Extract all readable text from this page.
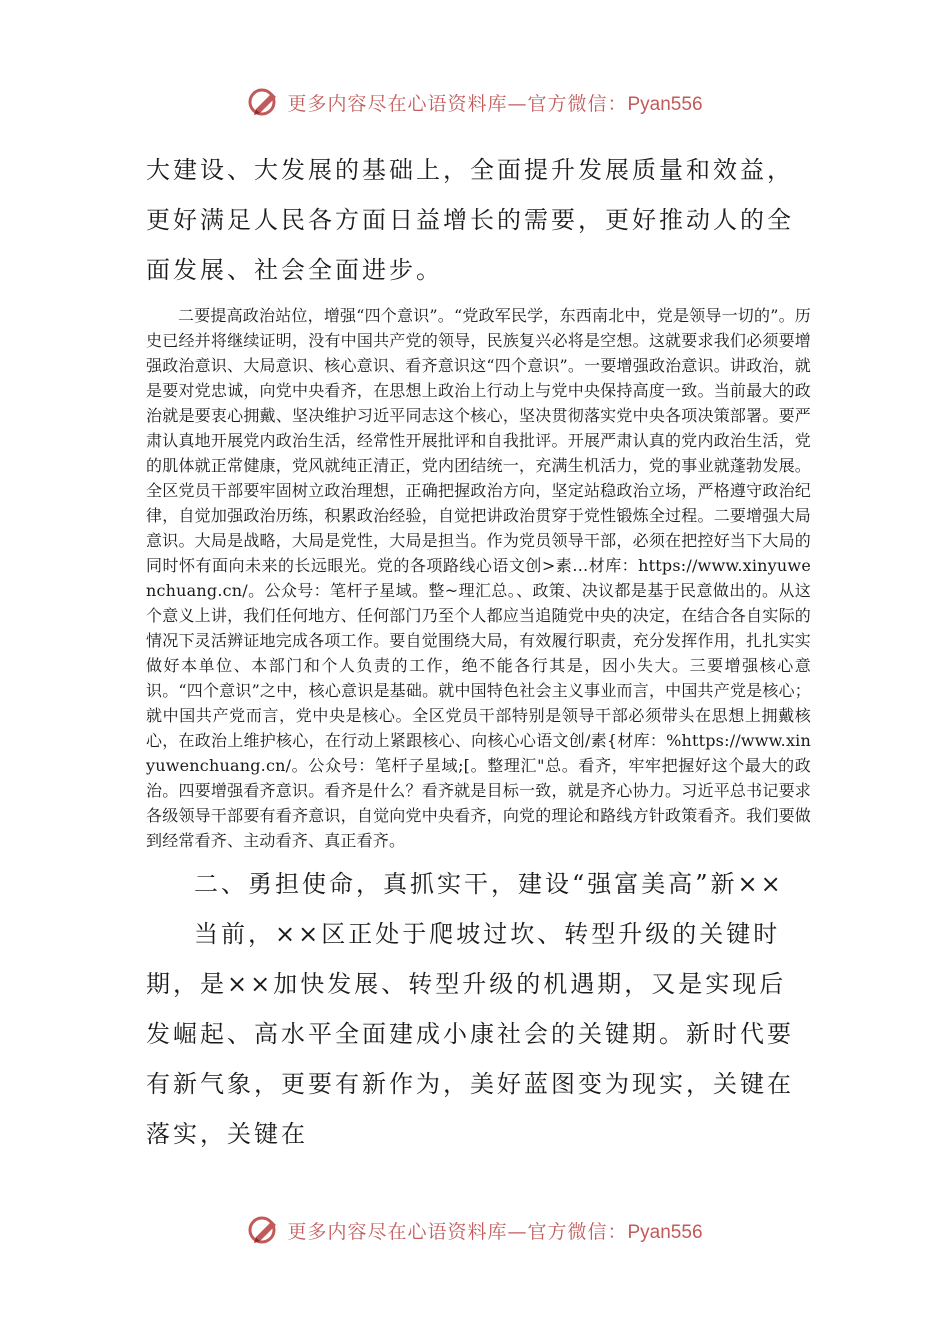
更多内容尽在心语资料库—官方微信：Pyan556

大建设、大发展的基础上，全面提升发展质量和效益，更好满足人民各方面日益增长的需要，更好推动人的全面发展、社会全面进步。

二要提高政治站位，增强“四个意识”。“党政军民学，东西南北中，党是领导一切的”。历史已经并将继续证明，没有中国共产党的领导，民族复兴必将是空想。这就要求我们必须要增强政治意识、大局意识、核心意识、看齐意识这“四个意识”。一要增强政治意识。讲政治，就是要对党忠诚，向党中央看齐，在思想上政治上行动上与党中央保持高度一致。当前最大的政治就是要衷心拥戴、坚决维护习近平同志这个核心，坚决贯彻落实党中央各项决策部署。要严肃认真地开展党内政治生活，经常性开展批评和自我批评。开展严肃认真的党内政治生活，党的肌体就正常健康，党风就纯正清正，党内团结统一，充满生机活力，党的事业就蓬勃发展。全区党员干部要牢固树立政治理想，正确把握政治方向，坚定站稳政治立场，严格遵守政治纪律，自觉加强政治历练，积累政治经验，自觉把讲政治贯穿于党性锻炼全过程。二要增强大局意识。大局是战略，大局是党性，大局是担当。作为党员领导干部，必须在把控好当下大局的同时怀有面向未来的长远眼光。党的各项路线心语文创>素…材库：https://www.xinyuwenchuang.cn/。公众号：笔杆子星域。整~理汇总。、政策、决议都是基于民意做出的。从这个意义上讲，我们任何地方、任何部门乃至个人都应当追随党中央的决定，在结合各自实际的情况下灵活辨证地完成各项工作。要自觉围绕大局，有效履行职责，充分发挥作用，扎扎实实做好本单位、本部门和个人负责的工作，绝不能各行其是，因小失大。三要增强核心意识。“四个意识”之中，核心意识是基础。就中国特色社会主义事业而言，中国共产党是核心；就中国共产党而言，党中央是核心。全区党员干部特别是领导干部必须带头在思想上拥戴核心，在政治上维护核心，在行动上紧跟核心、向核心心语文创/素{材库：%https://www.xinyuwenchuang.cn/。公众号：笔杆子星域;[。整理汇"总。看齐，牢牢把握好这个最大的政治。四要增强看齐意识。看齐是什么？看齐就是目标一致，就是齐心协力。习近平总书记要求各级领导干部要有看齐意识，自觉向党中央看齐，向党的理论和路线方针政策看齐。我们要做到经常看齐、主动看齐、真正看齐。

二、勇担使命，真抓实干，建设“强富美高”新××

当前，××区正处于爬坡过坎、转型升级的关键时期，是××加快发展、转型升级的机遇期，又是实现后发崛起、高水平全面建成小康社会的关键期。新时代要有新气象，更要有新作为，美好蓝图变为现实，关键在落实，关键在

更多内容尽在心语资料库—官方微信：Pyan556
